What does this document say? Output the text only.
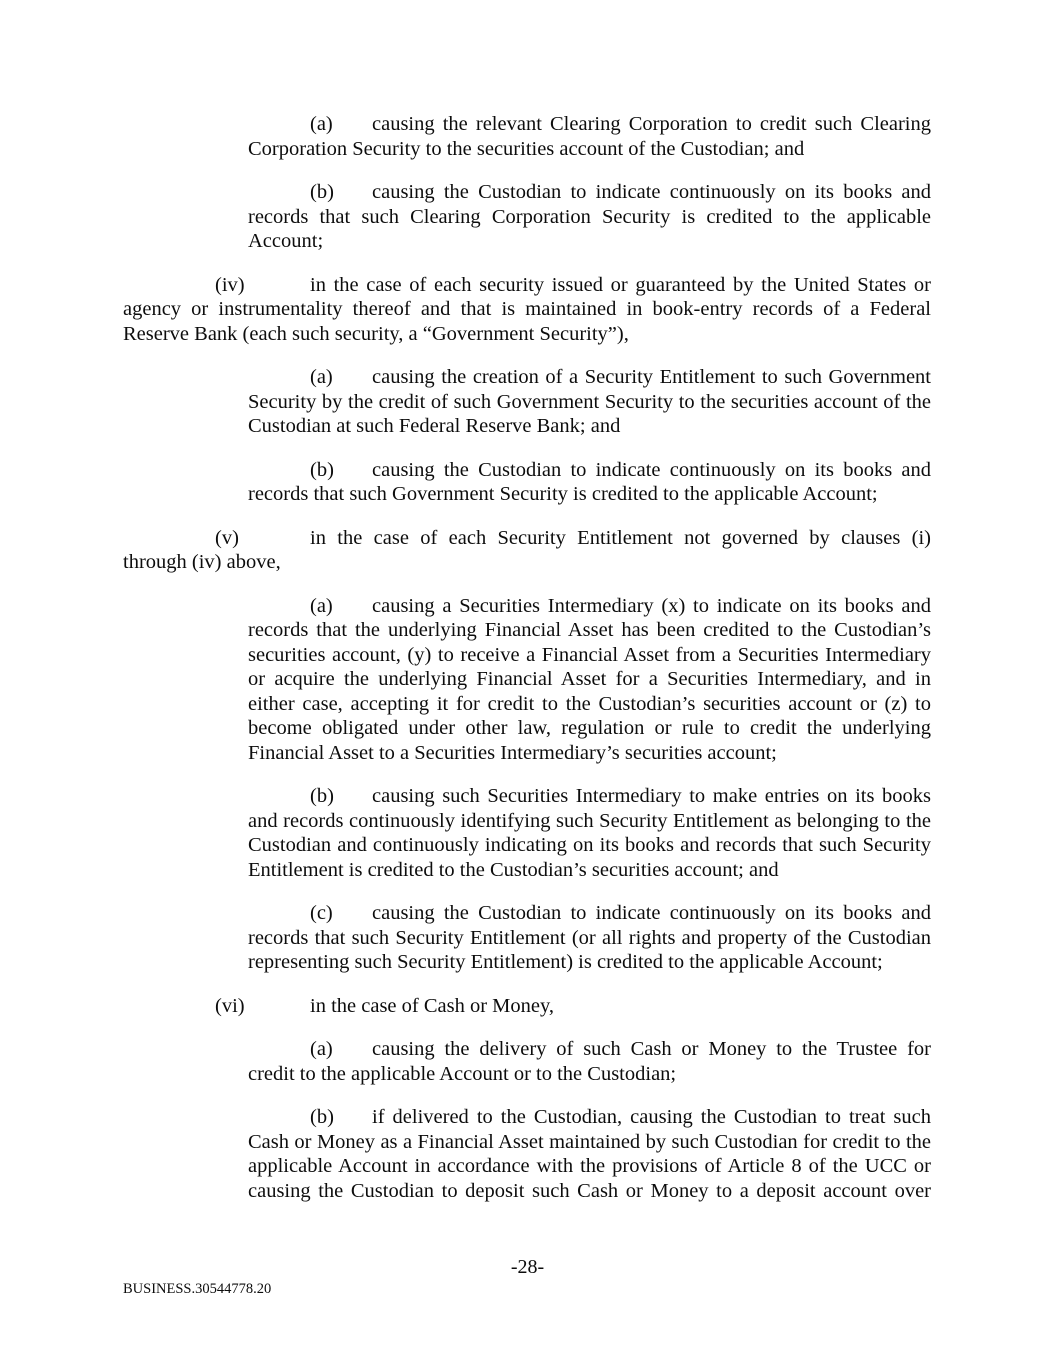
(a) causing the relevant Clearing Corporation to credit such Clearing Corporation Security to the securities account of the Custodian; and

(b) causing the Custodian to indicate continuously on its books and records that such Clearing Corporation Security is credited to the applicable Account;

(iv)	in the case of each security issued or guaranteed by the United States or agency or instrumentality thereof and that is maintained in book-entry records of a Federal Reserve Bank (each such security, a “Government Security”),

(a) causing the creation of a Security Entitlement to such Government Security by the credit of such Government Security to the securities account of the Custodian at such Federal Reserve Bank; and

(b) causing the Custodian to indicate continuously on its books and records that such Government Security is credited to the applicable Account;

(v)	in the case of each Security Entitlement not governed by clauses (i) through (iv) above,

(a) causing a Securities Intermediary (x) to indicate on its books and records that the underlying Financial Asset has been credited to the Custodian’s securities account, (y) to receive a Financial Asset from a Securities Intermediary or acquire the underlying Financial Asset for a Securities Intermediary, and in either case, accepting it for credit to the Custodian’s securities account or (z) to become obligated under other law, regulation or rule to credit the underlying Financial Asset to a Securities Intermediary’s securities account;

(b) causing such Securities Intermediary to make entries on its books and records continuously identifying such Security Entitlement as belonging to the Custodian and continuously indicating on its books and records that such Security Entitlement is credited to the Custodian’s securities account; and

(c) causing the Custodian to indicate continuously on its books and records that such Security Entitlement (or all rights and property of the Custodian representing such Security Entitlement) is credited to the applicable Account;

(vi)	in the case of Cash or Money,

(a) causing the delivery of such Cash or Money to the Trustee for credit to the applicable Account or to the Custodian;

(b) if delivered to the Custodian, causing the Custodian to treat such Cash or Money as a Financial Asset maintained by such Custodian for credit to the applicable Account in accordance with the provisions of Article 8 of the UCC or causing the Custodian to deposit such Cash or Money to a deposit account over

-28-
BUSINESS.30544778.20
